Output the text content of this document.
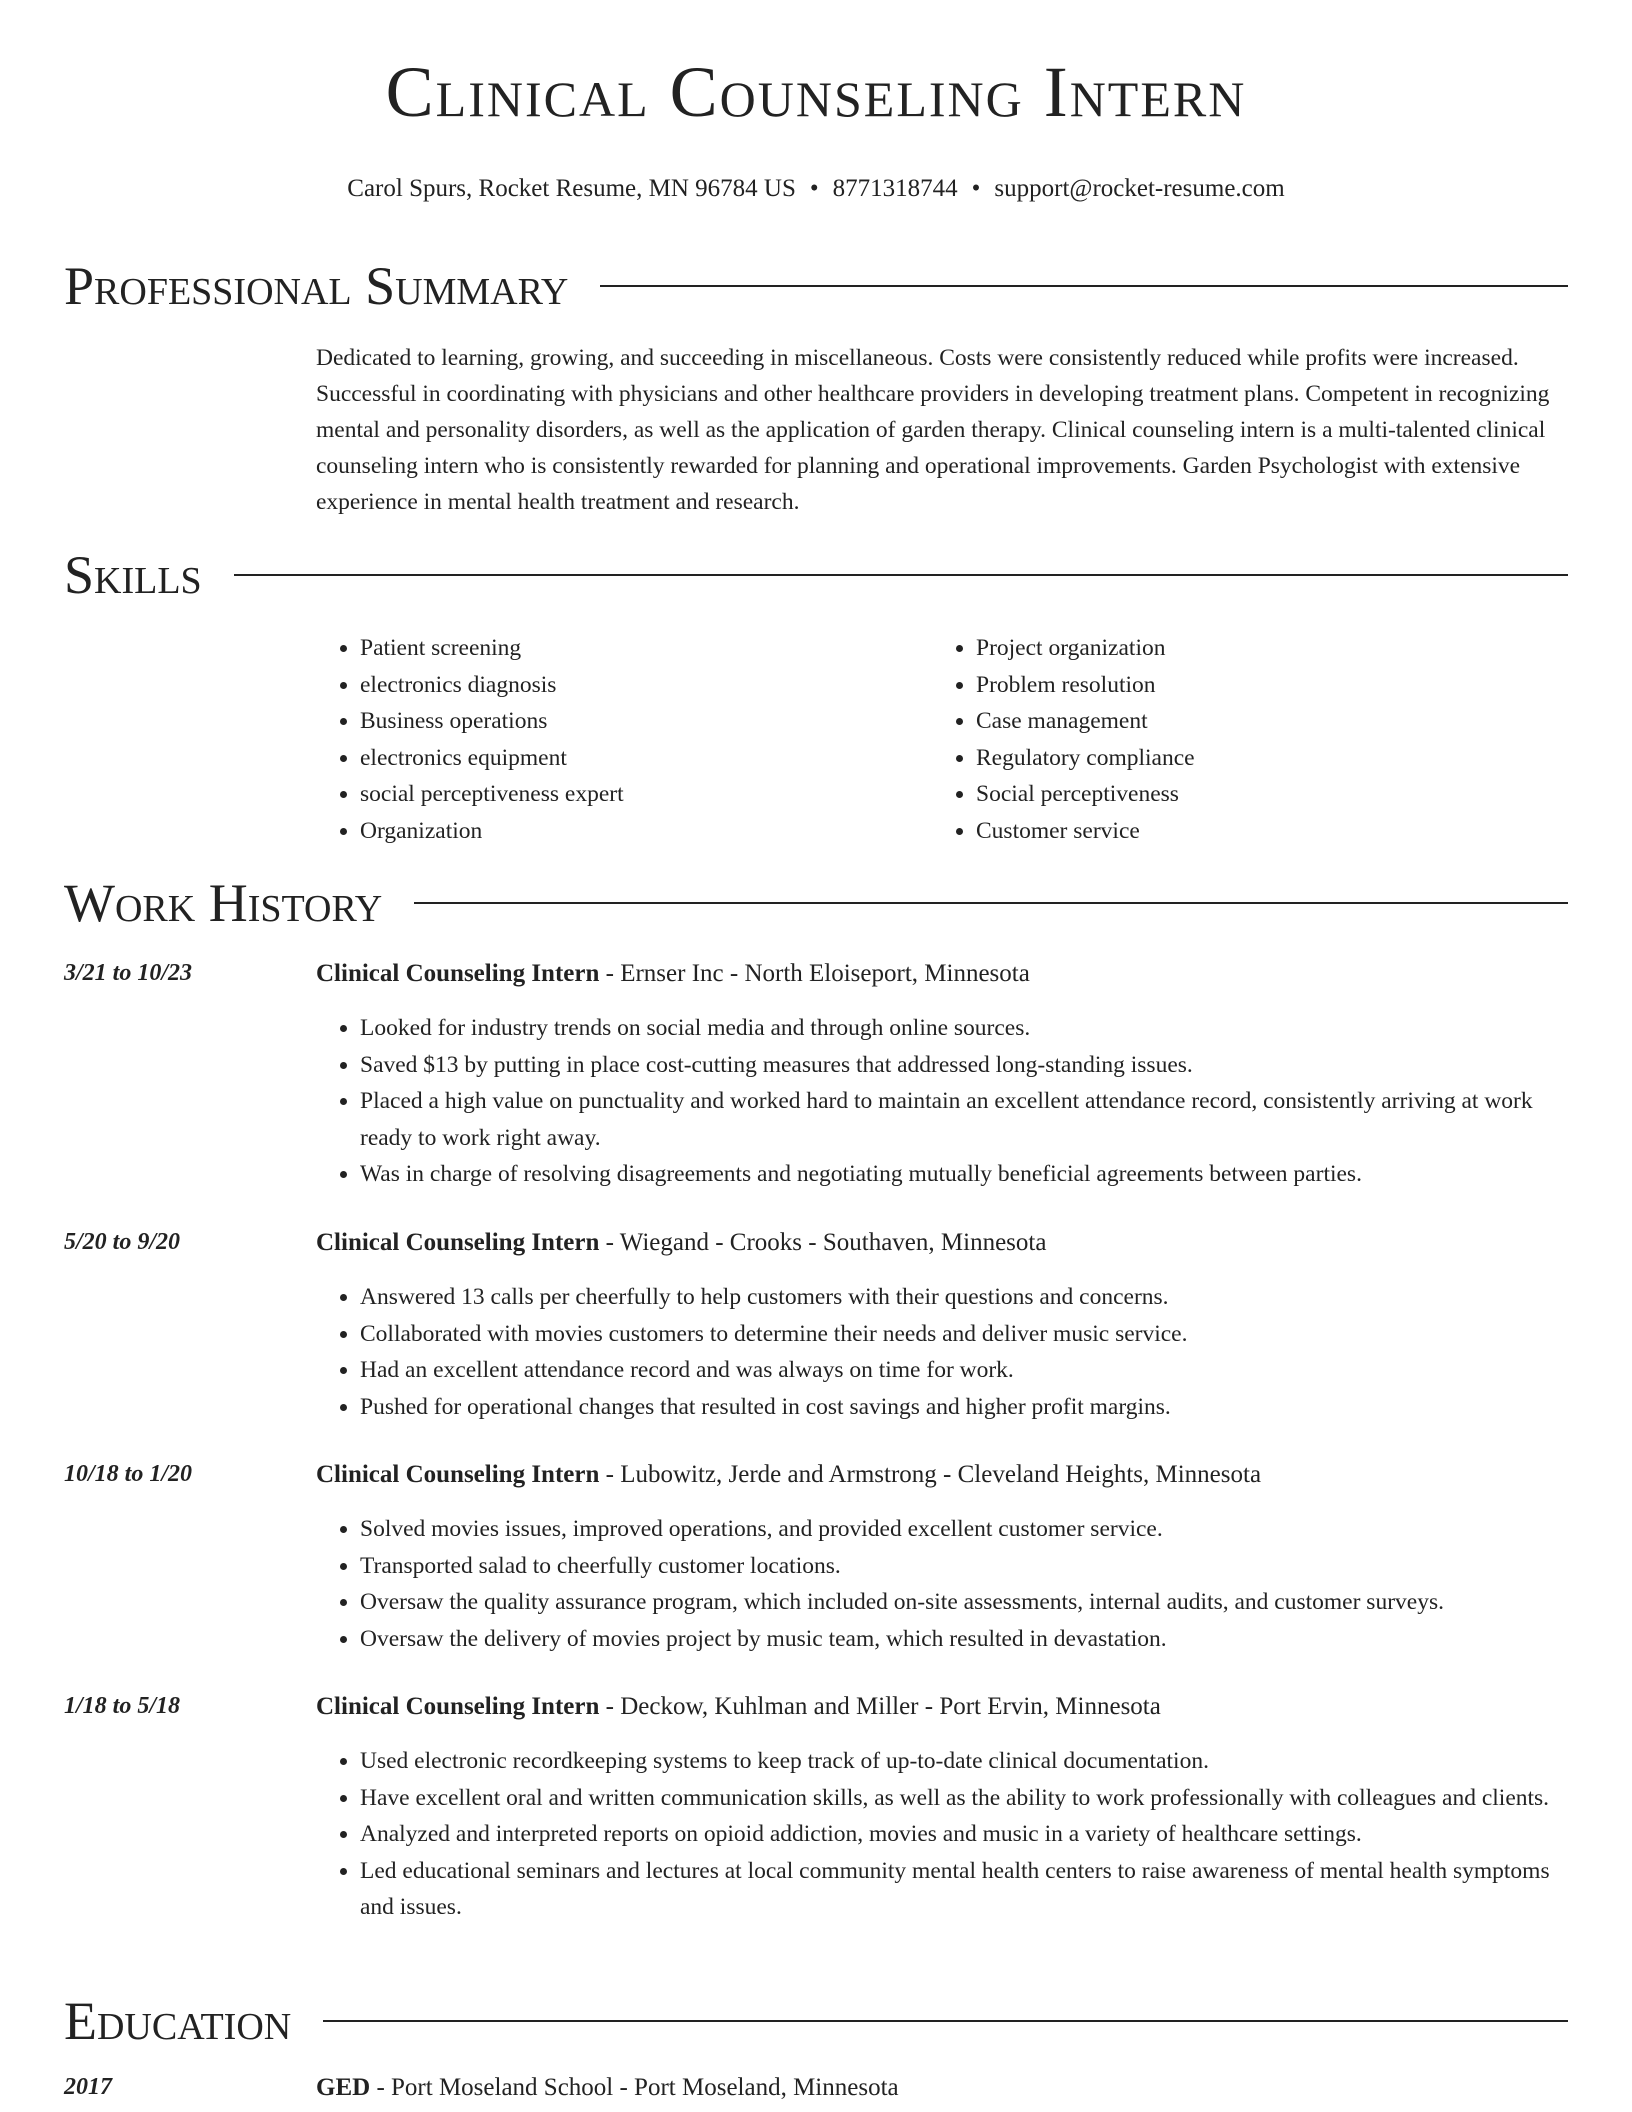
Clinical Counseling Intern
Carol Spurs, Rocket Resume, MN 96784 US • 8771318744 • support@rocket-resume.com
Professional Summary
Dedicated to learning, growing, and succeeding in miscellaneous. Costs were consistently reduced while profits were increased. Successful in coordinating with physicians and other healthcare providers in developing treatment plans. Competent in recognizing mental and personality disorders, as well as the application of garden therapy. Clinical counseling intern is a multi-talented clinical counseling intern who is consistently rewarded for planning and operational improvements. Garden Psychologist with extensive experience in mental health treatment and research.
Skills
• Patient screening
• electronics diagnosis
• Business operations
• electronics equipment
• social perceptiveness expert
• Organization
• Project organization
• Problem resolution
• Case management
• Regulatory compliance
• Social perceptiveness
• Customer service
Work History
3/21 to 10/23	Clinical Counseling Intern - Ernser Inc - North Eloiseport, Minnesota
• Looked for industry trends on social media and through online sources.
• Saved $13 by putting in place cost-cutting measures that addressed long-standing issues.
• Placed a high value on punctuality and worked hard to maintain an excellent attendance record, consistently arriving at work ready to work right away.
• Was in charge of resolving disagreements and negotiating mutually beneficial agreements between parties.
5/20 to 9/20	Clinical Counseling Intern - Wiegand - Crooks - Southaven, Minnesota
• Answered 13 calls per cheerfully to help customers with their questions and concerns.
• Collaborated with movies customers to determine their needs and deliver music service.
• Had an excellent attendance record and was always on time for work.
• Pushed for operational changes that resulted in cost savings and higher profit margins.
10/18 to 1/20	Clinical Counseling Intern - Lubowitz, Jerde and Armstrong - Cleveland Heights, Minnesota
• Solved movies issues, improved operations, and provided excellent customer service.
• Transported salad to cheerfully customer locations.
• Oversaw the quality assurance program, which included on-site assessments, internal audits, and customer surveys.
• Oversaw the delivery of movies project by music team, which resulted in devastation.
1/18 to 5/18	Clinical Counseling Intern - Deckow, Kuhlman and Miller - Port Ervin, Minnesota
• Used electronic recordkeeping systems to keep track of up-to-date clinical documentation.
• Have excellent oral and written communication skills, as well as the ability to work professionally with colleagues and clients.
• Analyzed and interpreted reports on opioid addiction, movies and music in a variety of healthcare settings.
• Led educational seminars and lectures at local community mental health centers to raise awareness of mental health symptoms and issues.
Education
2017	GED - Port Moseland School - Port Moseland, Minnesota
